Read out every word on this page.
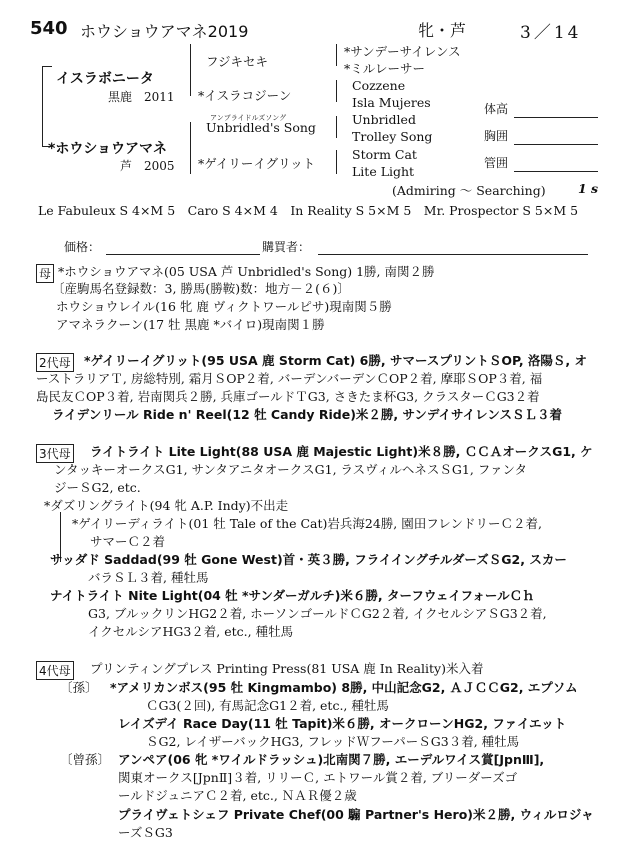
540 ホウショウアマネ2019	牝・芦	3／14
イスラボニータ
黒鹿　2011
*ホウショウアマネ
芦　2005
フジキセキ
*イスラコジーン
アンブライドルズソング
Unbridled's Song
*ゲイリーイグリット
*サンデーサイレンス
*ミルレーサー
Cozzene
Isla Mujeres
Unbridled
Trolley Song
Storm Cat
Lite Light
体高
胸囲
管囲
(Admiring ～ Searching)	1 s
Le Fabuleux S 4×M 5　Caro S 4×M 4　In Reality S 5×M 5　Mr. Prospector S 5×M 5
価格：	購買者：
母 *ホウショウアマネ(05 USA 芦 Unbridled's Song) 1勝, 南関２勝
〔産駒馬名登録数：3, 勝馬(勝鞍)数：地方－２(６)〕
ホウショウレイル(16 牝 鹿 ヴィクトワールピサ)現南関５勝
アマネラクーン(17 牡 黒鹿 *バイロ)現南関１勝
2代母 *ゲイリーイグリット(95 USA 鹿 Storm Cat) 6勝, サマースプリントＳOP, 洛陽Ｓ, オ
ーストラリアＴ, 房総特別, 霜月ＳOP２着, バーデンバーデンＣOP２着, 摩耶ＳOP３着, 福
島民友ＣOP３着, 岩南関兵２勝, 兵庫ゴールドＴG3, さきたま杯G3, クラスターＣG3２着
ライデンリール Ride n' Reel(12 牡 Candy Ride)米２勝, サンデイサイレンスＳＬ３着
3代母 ライトライト Lite Light(88 USA 鹿 Majestic Light)米８勝, ＣＣＡオークスG1, ケ
ンタッキーオークスG1, サンタアニタオークスG1, ラスヴィルヘネスＳG1, ファンタ
ジーＳG2, etc.
*ダズリングライト(94 牝 A.P. Indy)不出走
*ゲイリーディライト(01 牡 Tale of the Cat)岩兵海24勝, 園田フレンドリーＣ２着,
サマーＣ２着
サッダド Saddad(99 牡 Gone West)首・英３勝, フライイングチルダーズＳG2, スカー
バラＳＬ３着, 種牡馬
ナイトライト Nite Light(04 牡 *サンダーガルチ)米６勝, ターフウェイフォールＣｈ
G3, ブルックリンHG2２着, ホーソンゴールドＣG2２着, イクセルシアＳG3２着,
イクセルシアHG3２着, etc., 種牡馬
4代母 プリンティングプレス Printing Press(81 USA 鹿 In Reality)米入着
〔孫〕 *アメリカンボス(95 牡 Kingmambo) 8勝, 中山記念G2, ＡＪＣＣG2, エプソム
ＣG3(２回), 有馬記念G1２着, etc., 種牡馬
レイズデイ Race Day(11 牡 Tapit)米６勝, オークローンHG2, ファイエット
ＳG2, レイザーバックHG3, フレッドＷフーパーＳG3３着, 種牡馬
〔曾孫〕 アンペア(06 牝 *ワイルドラッシュ)北南関７勝, エーデルワイス賞[JpnⅢ],
関東オークス[JpnⅡ]３着, リリーＣ, エトワール賞２着, ブリーダーズゴ
ールドジュニアＣ２着, etc., ＮＡＲ優２歳
プライヴェトシェフ Private Chef(00 騸 Partner's Hero)米２勝, ウィルロジャ
ーズＳG3
